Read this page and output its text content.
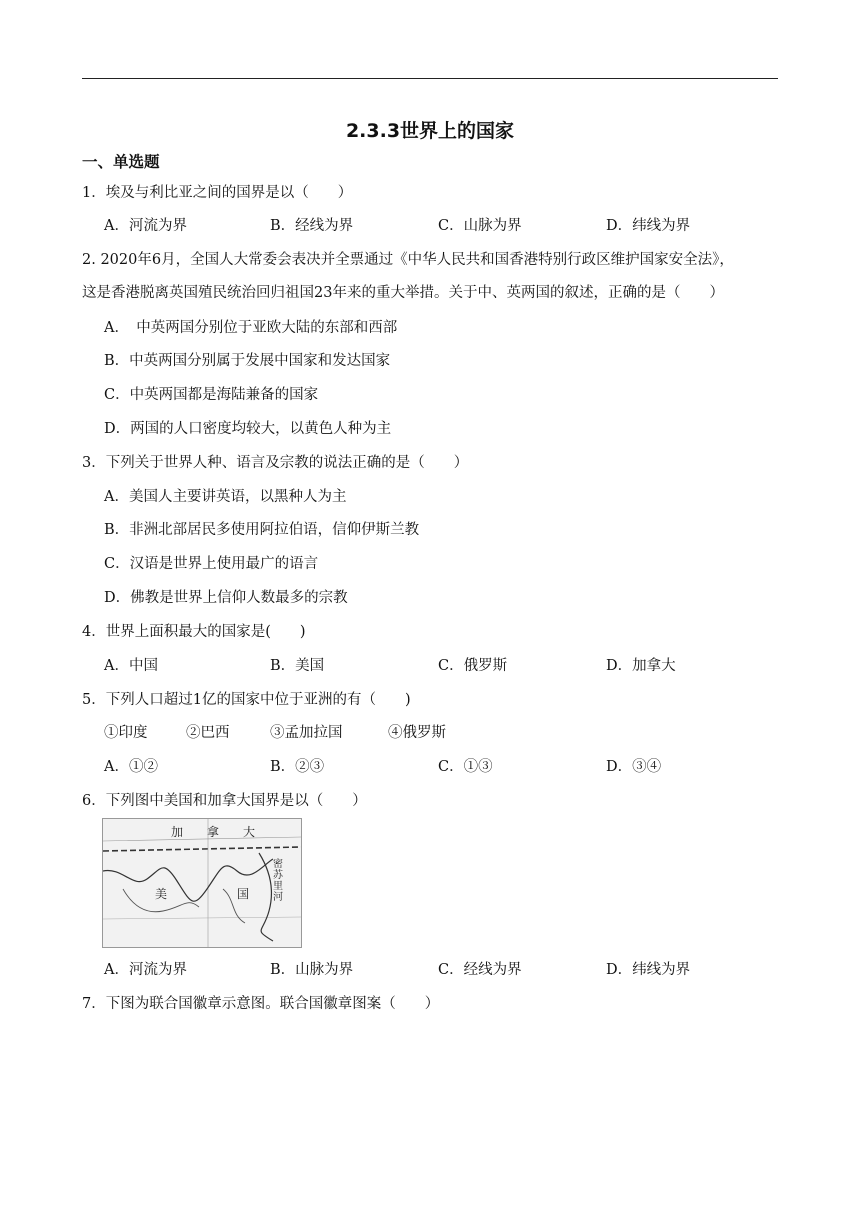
2.3.3世界上的国家
一、单选题
1．埃及与利比亚之间的国界是以（　　）
A．河流为界	B．经线为界	C．山脉为界	D．纬线为界
2. 2020年6月，全国人大常委会表决并全票通过《中华人民共和国香港特别行政区维护国家安全法》，
这是香港脱离英国殖民统治回归祖国23年来的重大举措。关于中、英两国的叙述，正确的是（　　）
A．　中英两国分别位于亚欧大陆的东部和西部
B．中英两国分别属于发展中国家和发达国家
C．中英两国都是海陆兼备的国家
D．两国的人口密度均较大，以黄色人种为主
3．下列关于世界人种、语言及宗教的说法正确的是（　　）
A．美国人主要讲英语，以黑种人为主
B．非洲北部居民多使用阿拉伯语，信仰伊斯兰教
C．汉语是世界上使用最广的语言
D．佛教是世界上信仰人数最多的宗教
4．世界上面积最大的国家是(　　)
A．中国	B．美国	C．俄罗斯	D．加拿大
5．下列人口超过1亿的国家中位于亚洲的有（　　)
①印度	②巴西	③孟加拉国	④俄罗斯
A．①②	B．②③	C．①③	D．③④
6．下列图中美国和加拿大国界是以（　　）
加　　拿　　大
美	国
密苏里河
A．河流为界	B．山脉为界	C．经线为界	D．纬线为界
7．下图为联合国徽章示意图。联合国徽章图案（　　）
